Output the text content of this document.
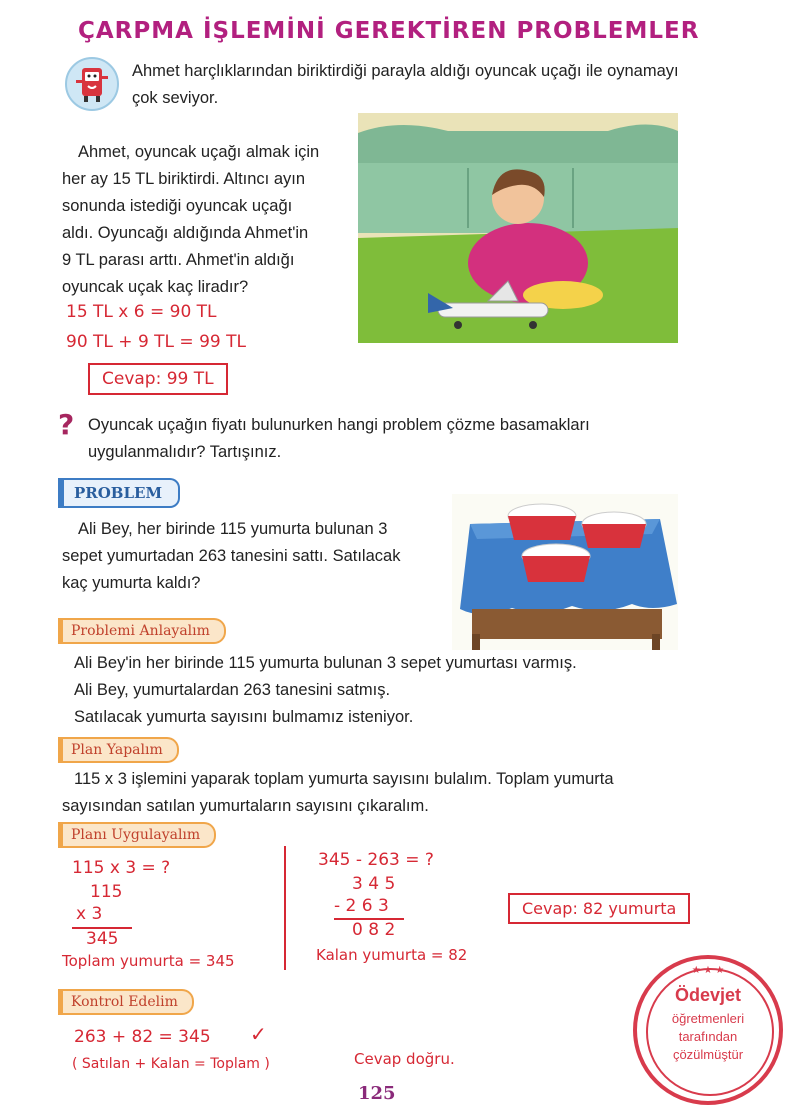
ÇARPMA İŞLEMİNİ GEREKTİREN PROBLEMLER
Ahmet harçlıklarından biriktirdiği parayla aldığı oyuncak uçağı ile oynamayı çok seviyor.
Ahmet, oyuncak uçağı almak için
her ay 15 TL biriktirdi. Altıncı ayın
sonunda istediği oyuncak uçağı
aldı. Oyuncağı aldığında Ahmet'in
9 TL parası arttı. Ahmet'in aldığı
oyuncak uçak kaç liradır?
15 TL x 6 = 90 TL
90 TL + 9 TL = 99 TL
Cevap: 99 TL
? Oyuncak uçağın fiyatı bulunurken hangi problem çözme basamakları
uygulanmalıdır? Tartışınız.
PROBLEM
Ali Bey, her birinde 115 yumurta bulunan 3
sepet yumurtadan 263 tanesini sattı. Satılacak
kaç yumurta kaldı?
Problemi Anlayalım
Ali Bey'in her birinde 115 yumurta bulunan 3 sepet yumurtası varmış.
Ali Bey, yumurtalardan 263 tanesini satmış.
Satılacak yumurta sayısını bulmamız isteniyor.
Plan Yapalım
115 x 3 işlemini yaparak toplam yumurta sayısını bulalım. Toplam yumurta
sayısından satılan yumurtaların sayısını çıkaralım.
Planı Uygulayalım
115 x 3 = ?
115
x 3
345
Toplam yumurta = 345
345 - 263 = ?
3 4 5
- 2 6 3
0 8 2
Kalan yumurta = 82
Cevap: 82 yumurta
Kontrol Edelim
263 + 82 = 345 ✓
( Satılan + Kalan = Toplam )	Cevap doğru.
★ ★ ★
Ödevjet
öğretmenleri
tarafından
çözülmüştür
125
